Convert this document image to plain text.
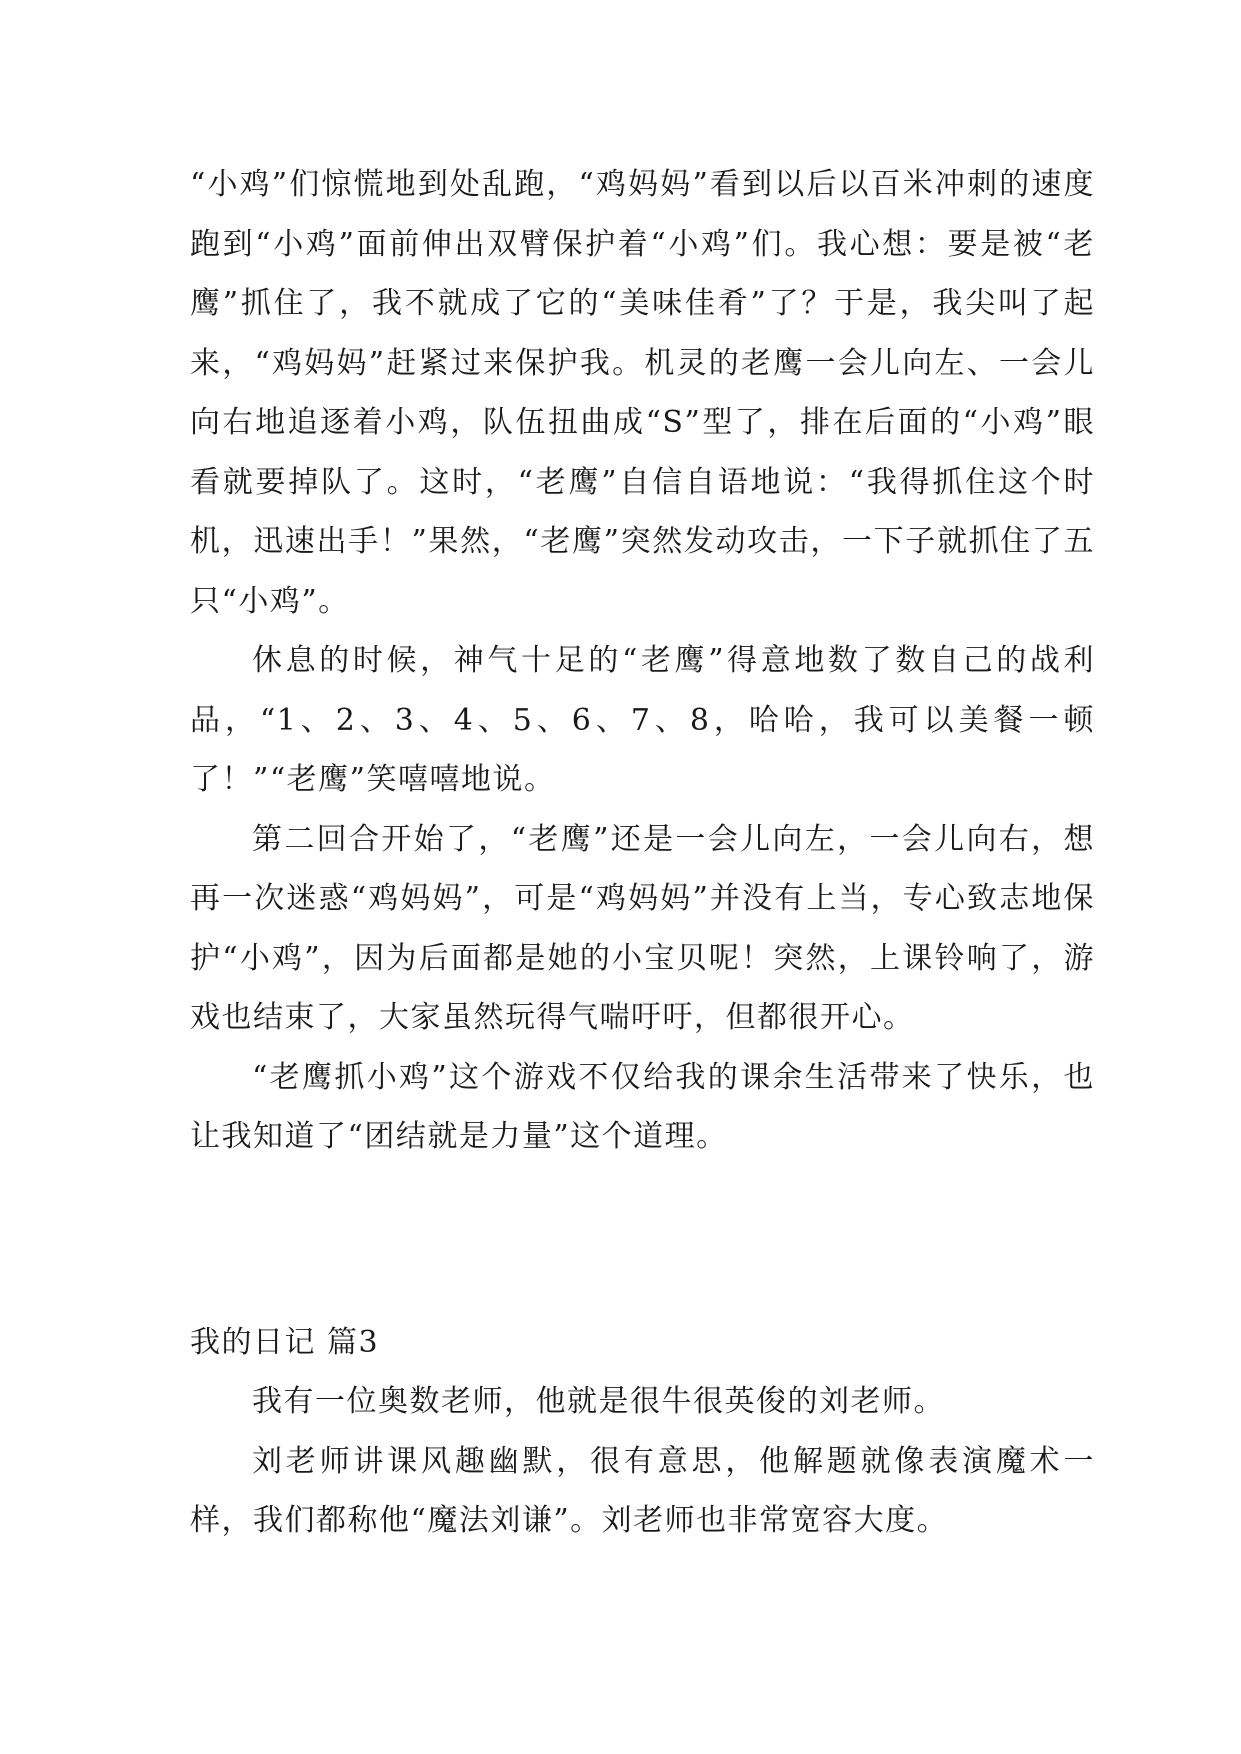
“小鸡”们惊慌地到处乱跑，“鸡妈妈”看到以后以百米冲刺的速度跑到“小鸡”面前伸出双臂保护着“小鸡”们。我心想：要是被“老鹰”抓住了，我不就成了它的“美味佳肴”了？于是，我尖叫了起来，“鸡妈妈”赶紧过来保护我。机灵的老鹰一会儿向左、一会儿向右地追逐着小鸡，队伍扭曲成“S”型了，排在后面的“小鸡”眼看就要掉队了。这时，“老鹰”自信自语地说：“我得抓住这个时机，迅速出手！”果然，“老鹰”突然发动攻击，一下子就抓住了五只“小鸡”。

休息的时候，神气十足的“老鹰”得意地数了数自己的战利品，“1、2、3、4、5、6、7、8，哈哈，我可以美餐一顿了！”“老鹰”笑嘻嘻地说。

第二回合开始了，“老鹰”还是一会儿向左，一会儿向右，想再一次迷惑“鸡妈妈”，可是“鸡妈妈”并没有上当，专心致志地保护“小鸡”，因为后面都是她的小宝贝呢！突然，上课铃响了，游戏也结束了，大家虽然玩得气喘吁吁，但都很开心。

“老鹰抓小鸡”这个游戏不仅给我的课余生活带来了快乐，也让我知道了“团结就是力量”这个道理。

我的日记 篇3

我有一位奥数老师，他就是很牛很英俊的刘老师。

刘老师讲课风趣幽默，很有意思，他解题就像表演魔术一样，我们都称他“魔法刘谦”。刘老师也非常宽容大度。
